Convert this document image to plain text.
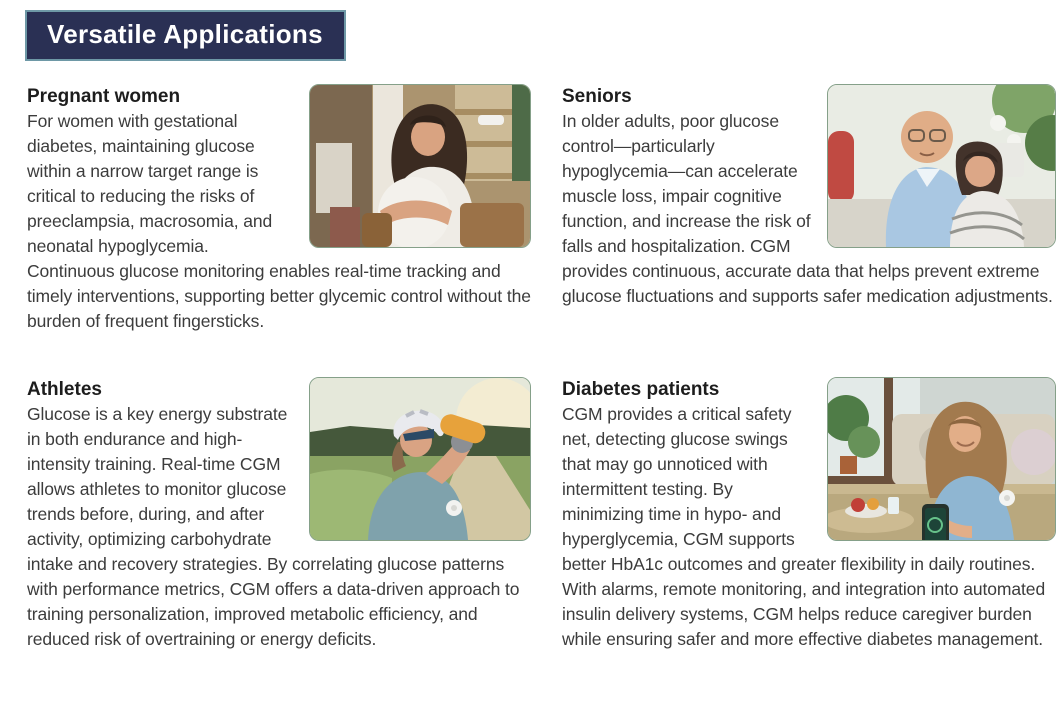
Versatile Applications
Pregnant women

For women with gestational diabetes, maintaining glucose within a narrow target range is critical to reducing the risks of preeclampsia, macrosomia, and neonatal hypoglycemia. Continuous glucose monitoring enables real-time tracking and timely interventions, supporting better glycemic control without the burden of frequent fingersticks.

Seniors

In older adults, poor glucose control—particularly hypoglycemia—can accelerate muscle loss, impair cognitive function, and increase the risk of falls and hospitalization. CGM provides continuous, accurate data that helps prevent extreme glucose fluctuations and supports safer medication adjustments.

Athletes

Glucose is a key energy substrate in both endurance and high-intensity training. Real-time CGM allows athletes to monitor glucose trends before, during, and after activity, optimizing carbohydrate intake and recovery strategies. By correlating glucose patterns with performance metrics, CGM offers a data-driven approach to training personalization, improved metabolic efficiency, and reduced risk of overtraining or energy deficits.

Diabetes patients

CGM provides a critical safety net, detecting glucose swings that may go unnoticed with intermittent testing. By minimizing time in hypo- and hyperglycemia, CGM supports better HbA1c outcomes and greater flexibility in daily routines. With alarms, remote monitoring, and integration into automated insulin delivery systems, CGM helps reduce caregiver burden while ensuring safer and more effective diabetes management.
